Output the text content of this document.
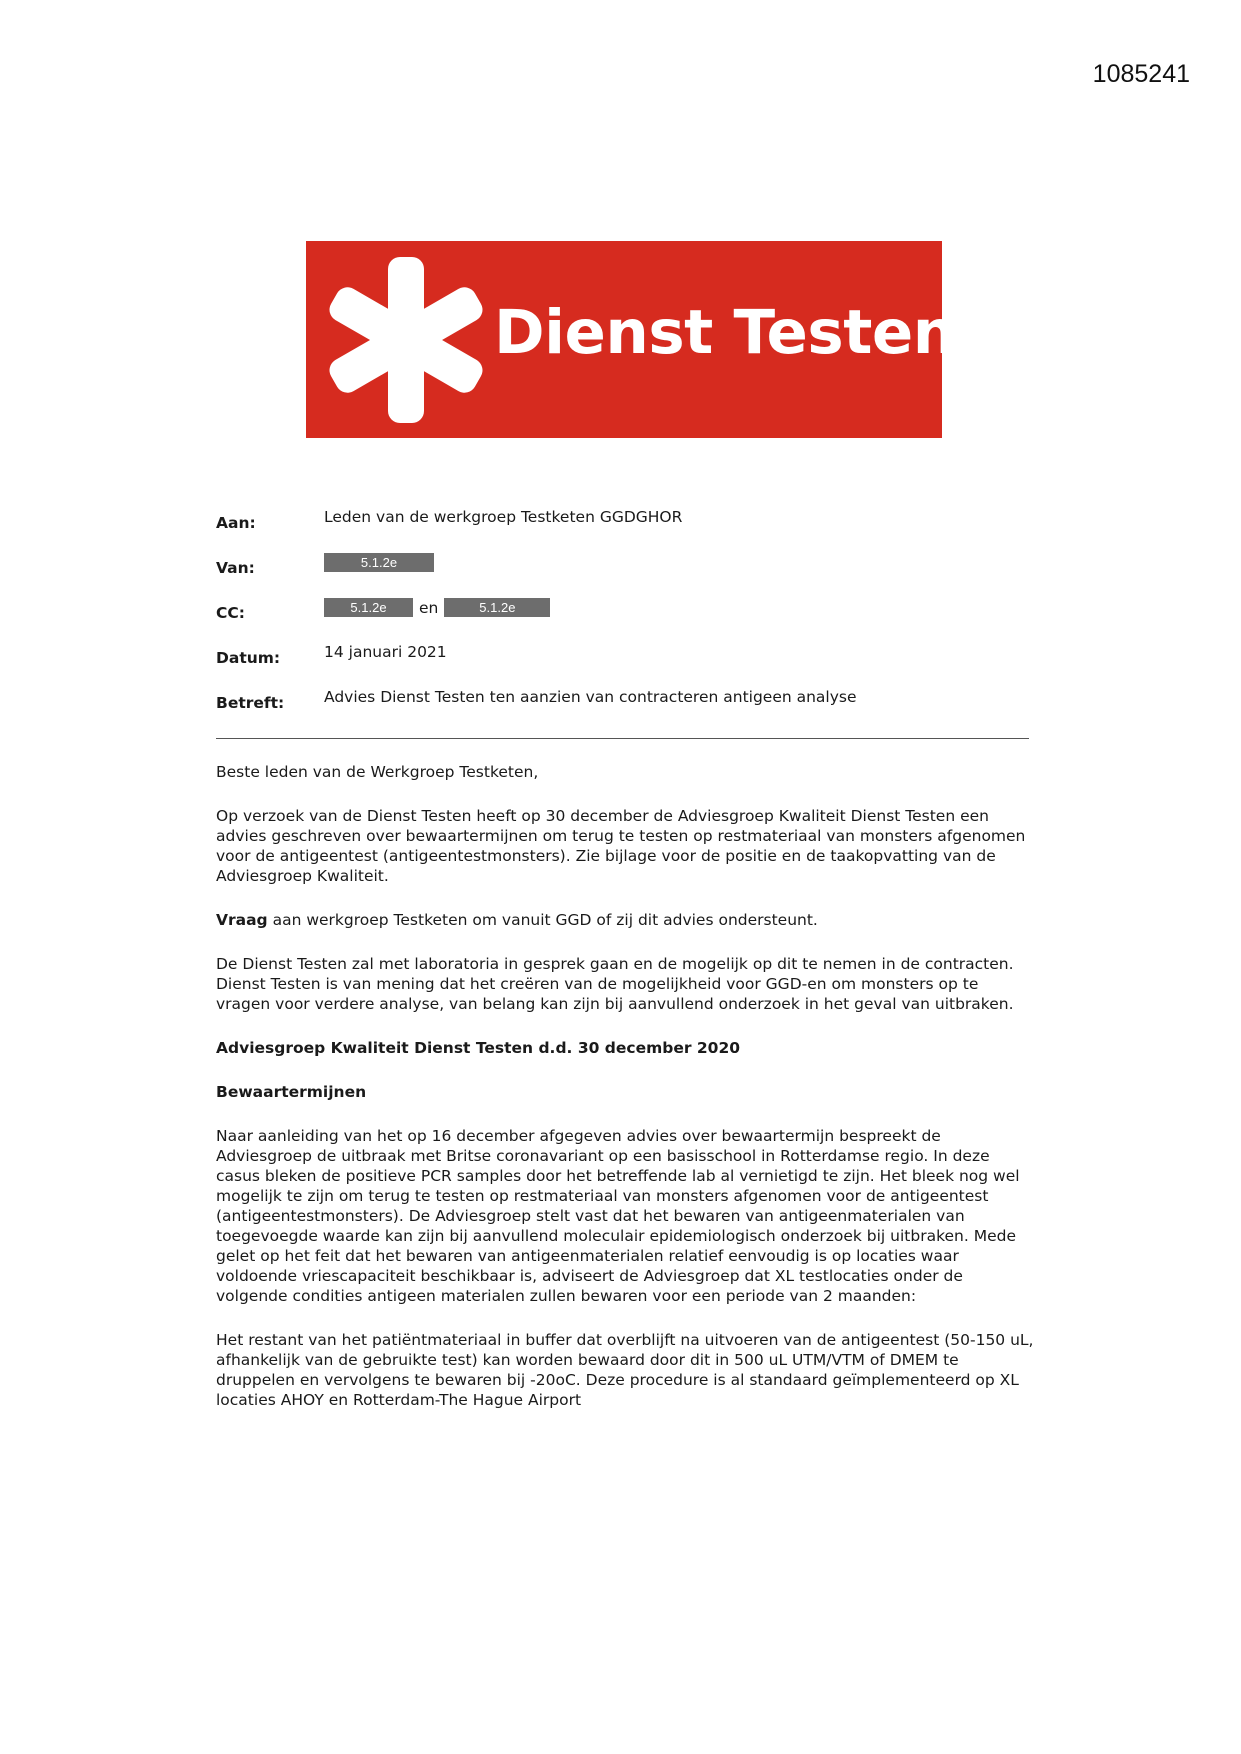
1085241
Dienst Testen
Aan:	Leden van de werkgroep Testketen GGDGHOR
Van:	5.1.2e
CC:	5.1.2e en	5.1.2e
Datum:	14 januari 2021
Betreft:	Advies Dienst Testen ten aanzien van contracteren antigeen analyse

Beste leden van de Werkgroep Testketen,

Op verzoek van de Dienst Testen heeft op 30 december de Adviesgroep Kwaliteit Dienst Testen een advies geschreven over bewaartermijnen om terug te testen op restmateriaal van monsters afgenomen voor de antigeentest (antigeentestmonsters). Zie bijlage voor de positie en de taakopvatting van de Adviesgroep Kwaliteit.

Vraag aan werkgroep Testketen om vanuit GGD of zij dit advies ondersteunt.

De Dienst Testen zal met laboratoria in gesprek gaan en de mogelijk op dit te nemen in de contracten. Dienst Testen is van mening dat het creëren van de mogelijkheid voor GGD-en om monsters op te vragen voor verdere analyse, van belang kan zijn bij aanvullend onderzoek in het geval van uitbraken.

Adviesgroep Kwaliteit Dienst Testen d.d. 30 december 2020
Bewaartermijnen

Naar aanleiding van het op 16 december afgegeven advies over bewaartermijn bespreekt de Adviesgroep de uitbraak met Britse coronavariant op een basisschool in Rotterdamse regio. In deze casus bleken de positieve PCR samples door het betreffende lab al vernietigd te zijn. Het bleek nog wel mogelijk te zijn om terug te testen op restmateriaal van monsters afgenomen voor de antigeentest (antigeentestmonsters). De Adviesgroep stelt vast dat het bewaren van antigeenmaterialen van toegevoegde waarde kan zijn bij aanvullend moleculair epidemiologisch onderzoek bij uitbraken. Mede gelet op het feit dat het bewaren van antigeenmaterialen relatief eenvoudig is op locaties waar voldoende vriescapaciteit beschikbaar is, adviseert de Adviesgroep dat XL testlocaties onder de volgende condities antigeen materialen zullen bewaren voor een periode van 2 maanden:

Het restant van het patiëntmateriaal in buffer dat overblijft na uitvoeren van de antigeentest (50-150 uL, afhankelijk van de gebruikte test) kan worden bewaard door dit in 500 uL UTM/VTM of DMEM te druppelen en vervolgens te bewaren bij -20oC. Deze procedure is al standaard geïmplementeerd op XL locaties AHOY en Rotterdam-The Hague Airport
